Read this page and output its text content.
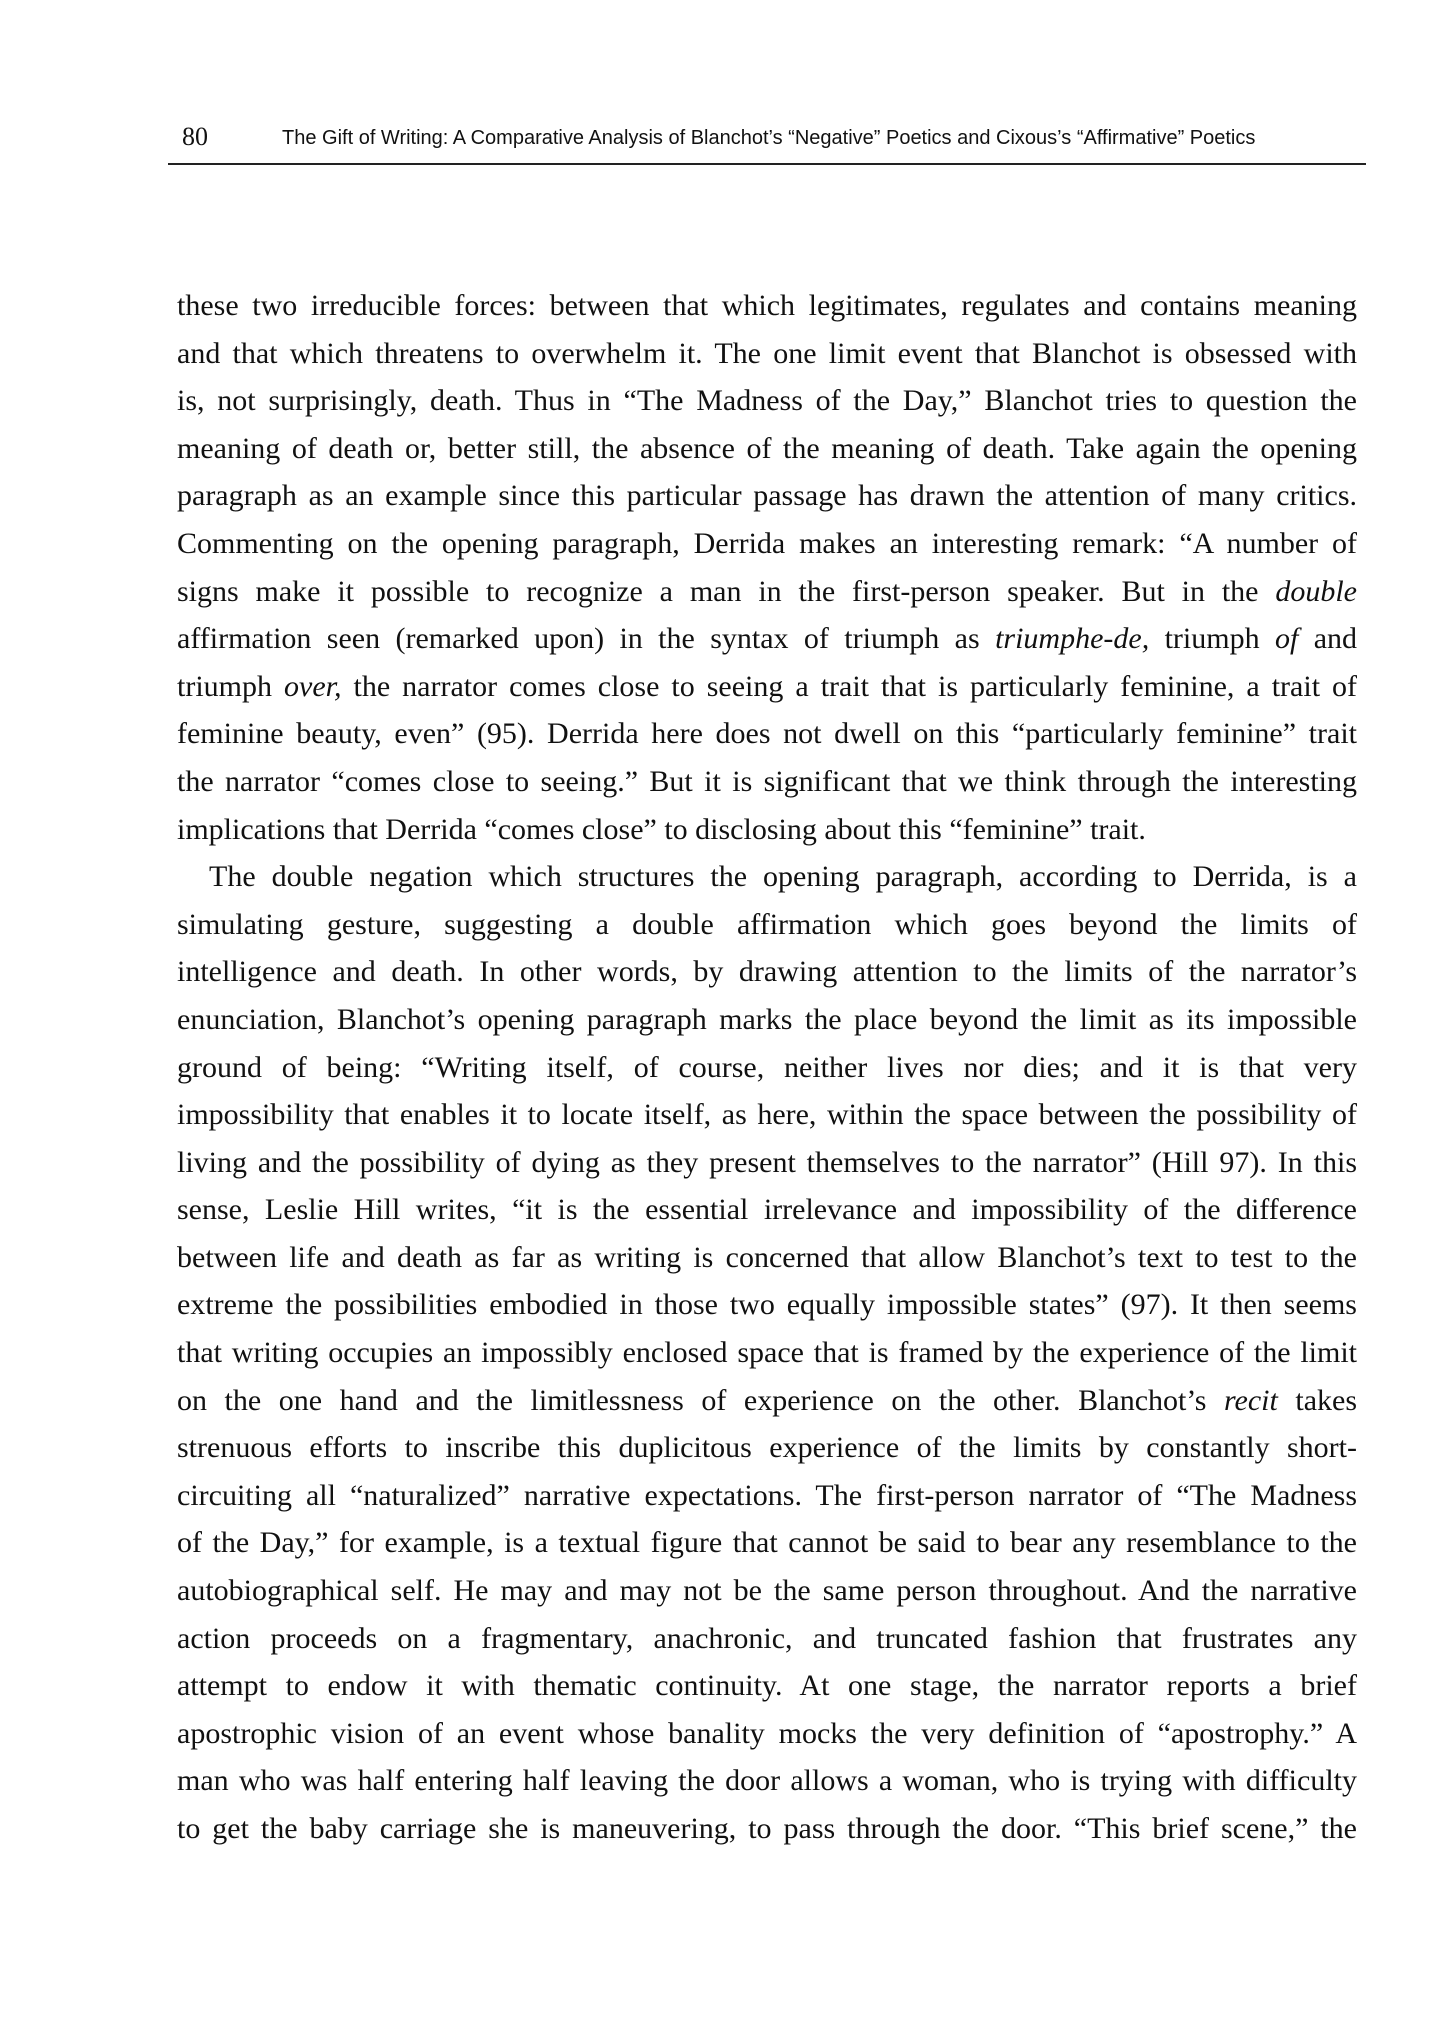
80	The Gift of Writing: A Comparative Analysis of Blanchot’s “Negative” Poetics and Cixous’s “Affirmative” Poetics
these two irreducible forces: between that which legitimates, regulates and contains meaning
and that which threatens to overwhelm it. The one limit event that Blanchot is obsessed with
is, not surprisingly, death. Thus in “The Madness of the Day,” Blanchot tries to question the
meaning of death or, better still, the absence of the meaning of death. Take again the opening
paragraph as an example since this particular passage has drawn the attention of many critics.
Commenting on the opening paragraph, Derrida makes an interesting remark: “A number of
signs make it possible to recognize a man in the first-person speaker. But in the double
affirmation seen (remarked upon) in the syntax of triumph as triumphe-de, triumph of and
triumph over, the narrator comes close to seeing a trait that is particularly feminine, a trait of
feminine beauty, even” (95). Derrida here does not dwell on this “particularly feminine” trait
the narrator “comes close to seeing.” But it is significant that we think through the interesting
implications that Derrida “comes close” to disclosing about this “feminine” trait.
The double negation which structures the opening paragraph, according to Derrida, is a
simulating gesture, suggesting a double affirmation which goes beyond the limits of
intelligence and death. In other words, by drawing attention to the limits of the narrator’s
enunciation, Blanchot’s opening paragraph marks the place beyond the limit as its impossible
ground of being: “Writing itself, of course, neither lives nor dies; and it is that very
impossibility that enables it to locate itself, as here, within the space between the possibility of
living and the possibility of dying as they present themselves to the narrator” (Hill 97). In this
sense, Leslie Hill writes, “it is the essential irrelevance and impossibility of the difference
between life and death as far as writing is concerned that allow Blanchot’s text to test to the
extreme the possibilities embodied in those two equally impossible states” (97). It then seems
that writing occupies an impossibly enclosed space that is framed by the experience of the limit
on the one hand and the limitlessness of experience on the other. Blanchot’s recit takes
strenuous efforts to inscribe this duplicitous experience of the limits by constantly short-
circuiting all “naturalized” narrative expectations. The first-person narrator of “The Madness
of the Day,” for example, is a textual figure that cannot be said to bear any resemblance to the
autobiographical self. He may and may not be the same person throughout. And the narrative
action proceeds on a fragmentary, anachronic, and truncated fashion that frustrates any
attempt to endow it with thematic continuity. At one stage, the narrator reports a brief
apostrophic vision of an event whose banality mocks the very definition of “apostrophy.” A
man who was half entering half leaving the door allows a woman, who is trying with difficulty
to get the baby carriage she is maneuvering, to pass through the door. “This brief scene,” the
